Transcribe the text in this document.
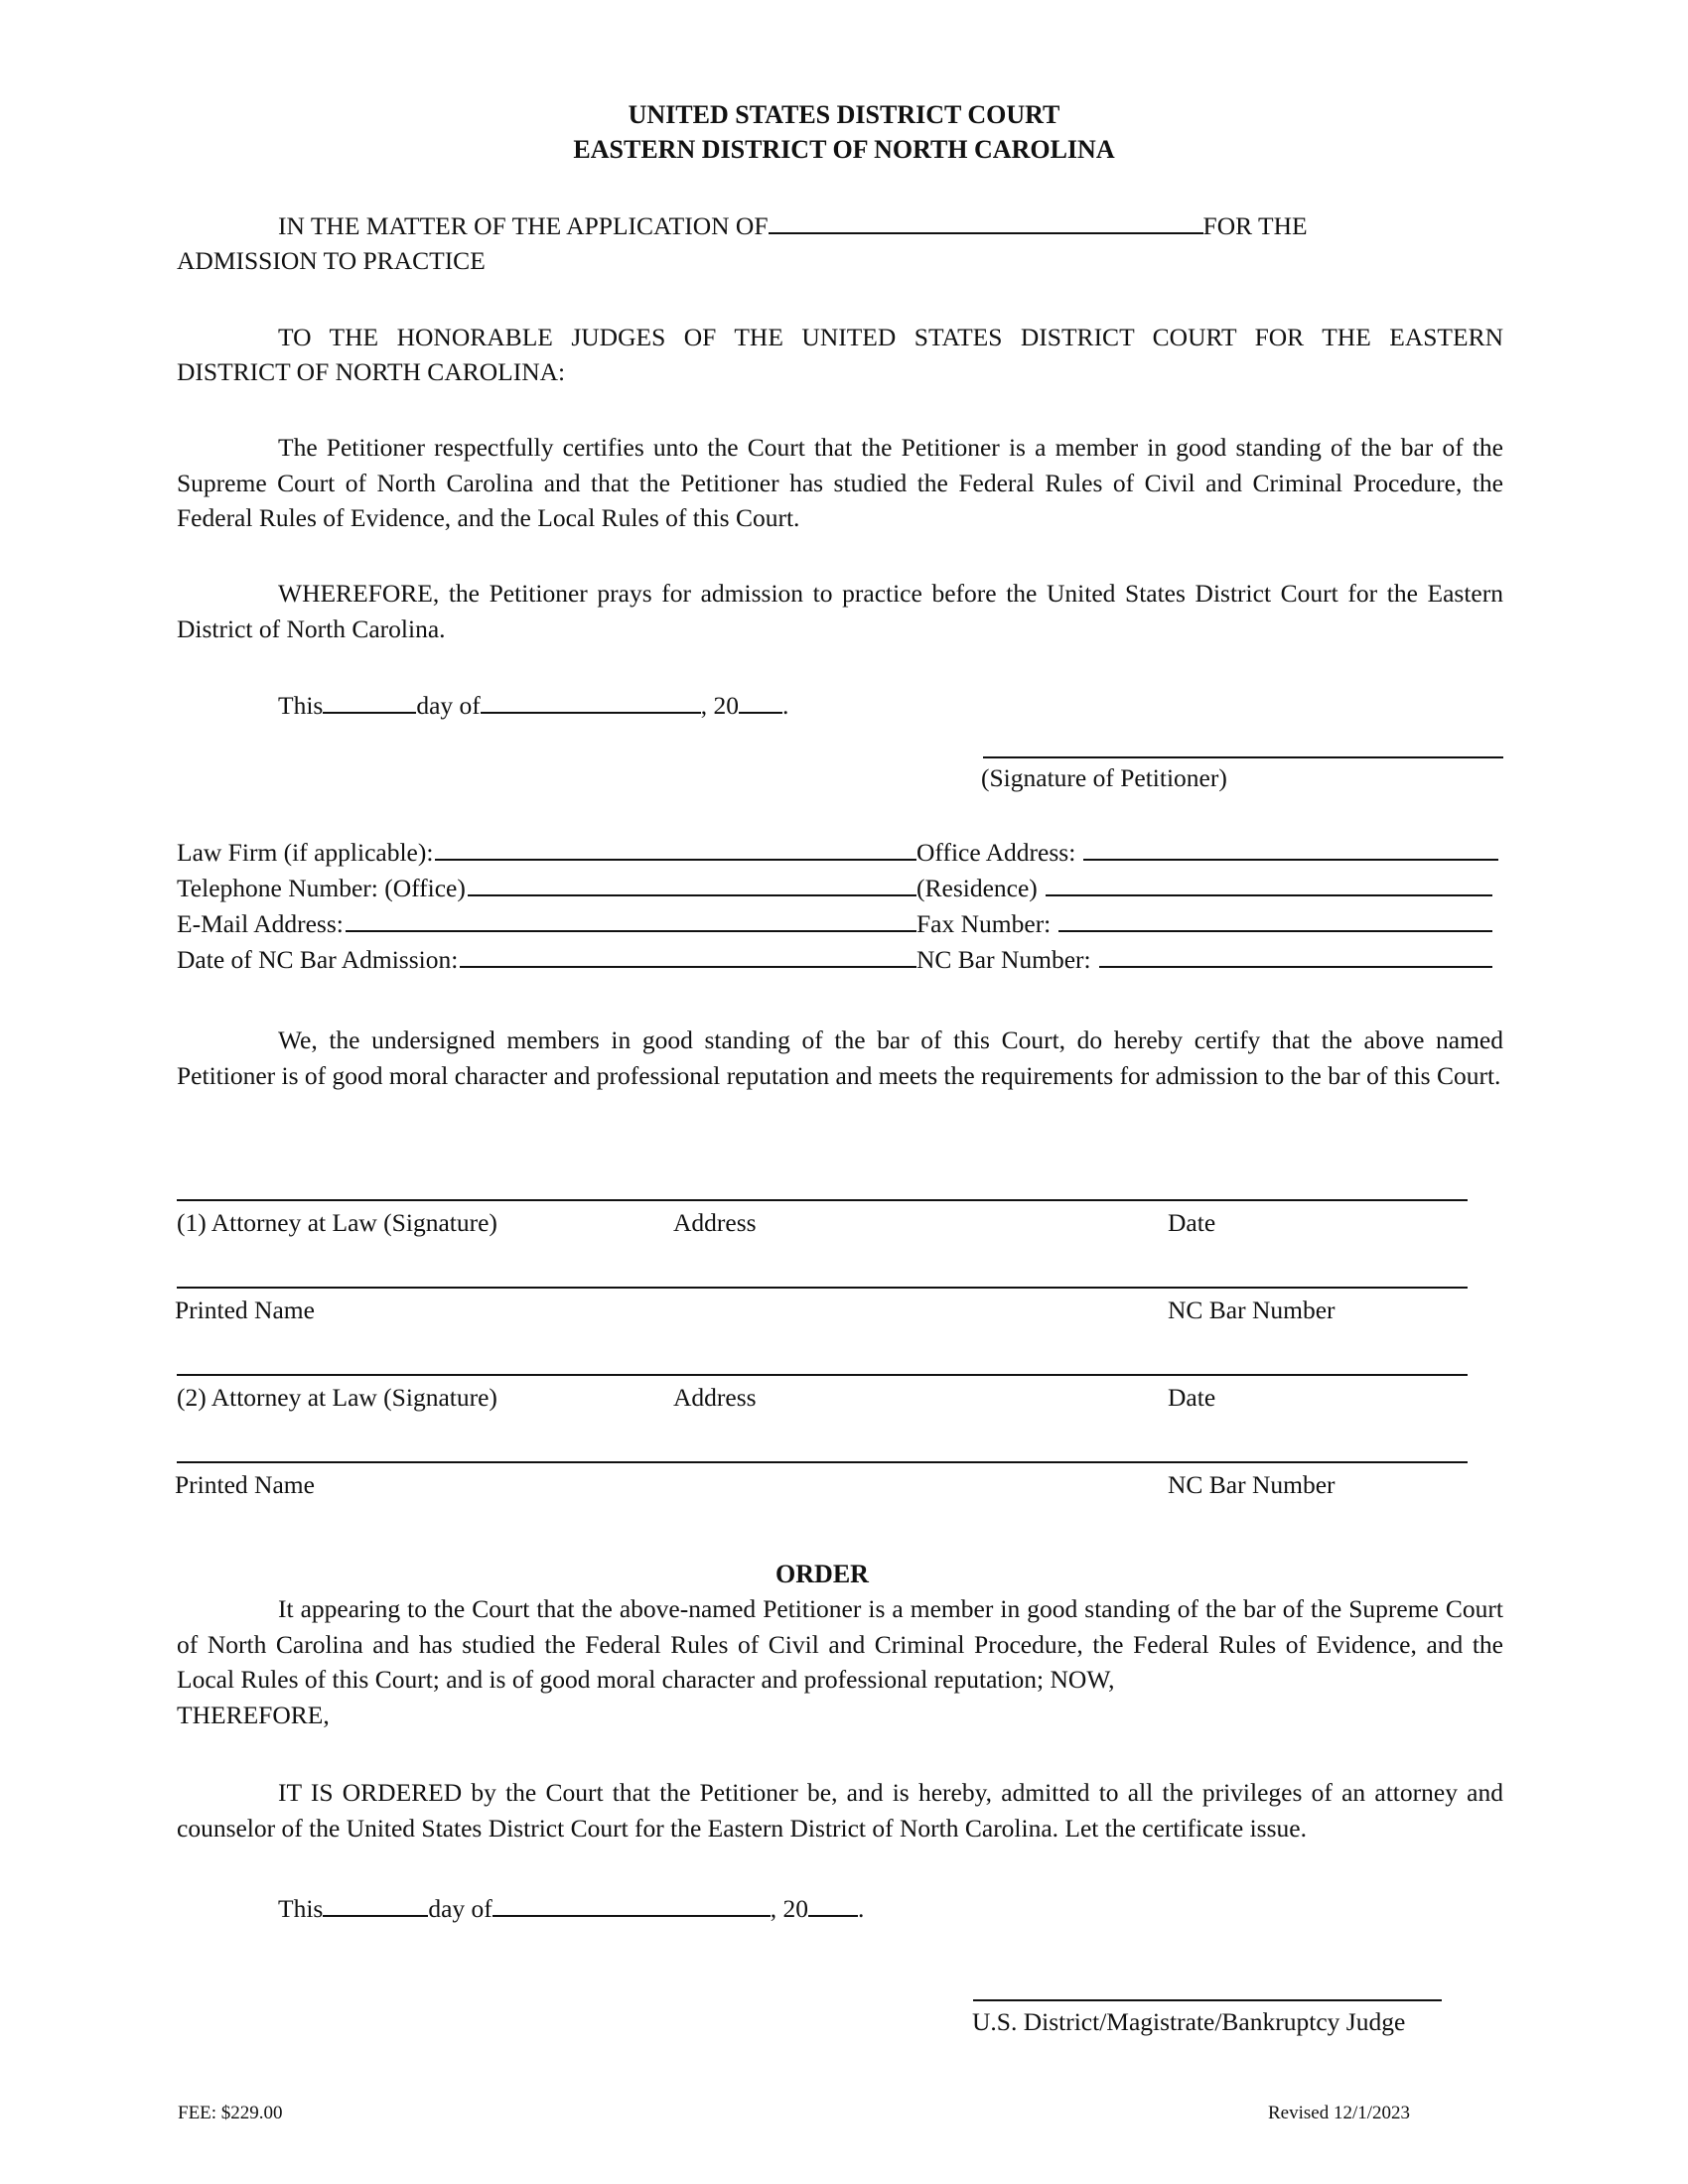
UNITED STATES DISTRICT COURT
EASTERN DISTRICT OF NORTH CAROLINA
IN THE MATTER OF THE APPLICATION OF	FOR THE
ADMISSION TO PRACTICE
TO THE HONORABLE JUDGES OF THE UNITED STATES DISTRICT COURT FOR THE EASTERN
DISTRICT OF NORTH CAROLINA:
The Petitioner respectfully certifies unto the Court that the Petitioner is a member in good standing of the bar of the Supreme Court of North Carolina and that the Petitioner has studied the Federal Rules of Civil and Criminal Procedure, the Federal Rules of Evidence, and the Local Rules of this Court.
WHEREFORE, the Petitioner prays for admission to practice before the United States District Court for the Eastern District of North Carolina.
This	day of	, 20 .
(Signature of Petitioner)
Law Firm (if applicable):	Office Address:
Telephone Number: (Office)	(Residence)
E-Mail Address:	Fax Number:
Date of NC Bar Admission:	NC Bar Number:
We, the undersigned members in good standing of the bar of this Court, do hereby certify that the above named Petitioner is of good moral character and professional reputation and meets the requirements for admission to the bar of this Court.
(1) Attorney at Law (Signature)	Address	Date
Printed Name	NC Bar Number
(2) Attorney at Law (Signature)	Address	Date
Printed Name	NC Bar Number
ORDER
It appearing to the Court that the above-named Petitioner is a member in good standing of the bar of the Supreme Court of North Carolina and has studied the Federal Rules of Civil and Criminal Procedure, the Federal Rules of Evidence, and the Local Rules of this Court; and is of good moral character and professional reputation; NOW,
THEREFORE,
IT IS ORDERED by the Court that the Petitioner be, and is hereby, admitted to all the privileges of an attorney and counselor of the United States District Court for the Eastern District of North Carolina. Let the certificate issue.
This	day of	, 20 .
U.S. District/Magistrate/Bankruptcy Judge
FEE: $229.00	Revised 12/1/2023
